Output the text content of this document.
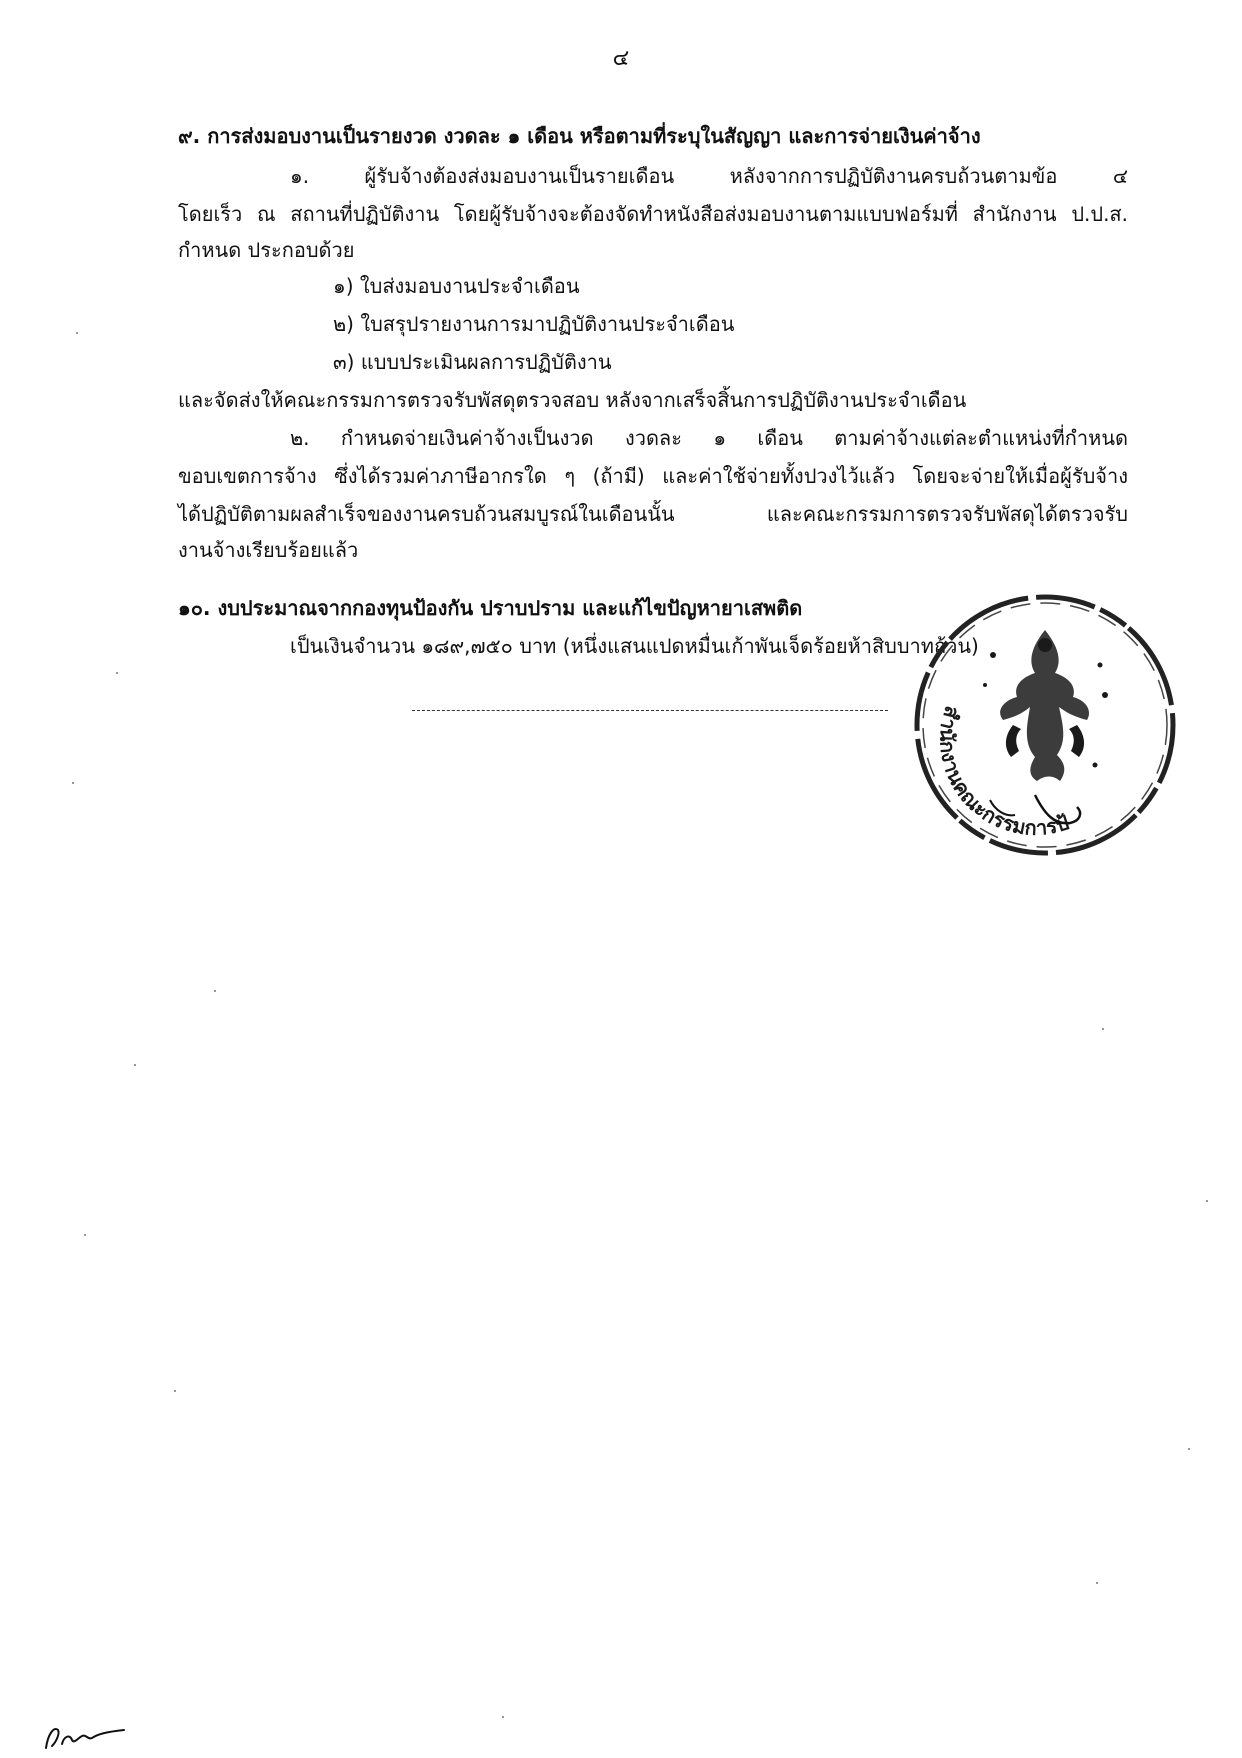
๔
๙. การส่งมอบงานเป็นรายงวด งวดละ ๑ เดือน หรือตามที่ระบุในสัญญา และการจ่ายเงินค่าจ้าง
๑. ผู้รับจ้างต้องส่งมอบงานเป็นรายเดือน หลังจากการปฏิบัติงานครบถ้วนตามข้อ ๔
โดยเร็ว ณ สถานที่ปฏิบัติงาน โดยผู้รับจ้างจะต้องจัดทำหนังสือส่งมอบงานตามแบบฟอร์มที่ สำนักงาน ป.ป.ส.
กำหนด ประกอบด้วย
๑) ใบส่งมอบงานประจำเดือน
๒) ใบสรุปรายงานการมาปฏิบัติงานประจำเดือน
๓) แบบประเมินผลการปฏิบัติงาน
และจัดส่งให้คณะกรรมการตรวจรับพัสดุตรวจสอบ หลังจากเสร็จสิ้นการปฏิบัติงานประจำเดือน
๒. กำหนดจ่ายเงินค่าจ้างเป็นงวด งวดละ ๑ เดือน ตามค่าจ้างแต่ละตำแหน่งที่กำหนด
ขอบเขตการจ้าง ซึ่งได้รวมค่าภาษีอากรใด ๆ (ถ้ามี) และค่าใช้จ่ายทั้งปวงไว้แล้ว โดยจะจ่ายให้เมื่อผู้รับจ้าง
ได้ปฏิบัติตามผลสำเร็จของงานครบถ้วนสมบูรณ์ในเดือนนั้น และคณะกรรมการตรวจรับพัสดุได้ตรวจรับ
งานจ้างเรียบร้อยแล้ว
๑๐. งบประมาณจากกองทุนป้องกัน ปราบปราม และแก้ไขปัญหายาเสพติด
เป็นเงินจำนวน ๑๘๙,๗๕๐ บาท (หนึ่งแสนแปดหมื่นเก้าพันเจ็ดร้อยห้าสิบบาทถ้วน)
สำนักงานคณะกรรมการป้
